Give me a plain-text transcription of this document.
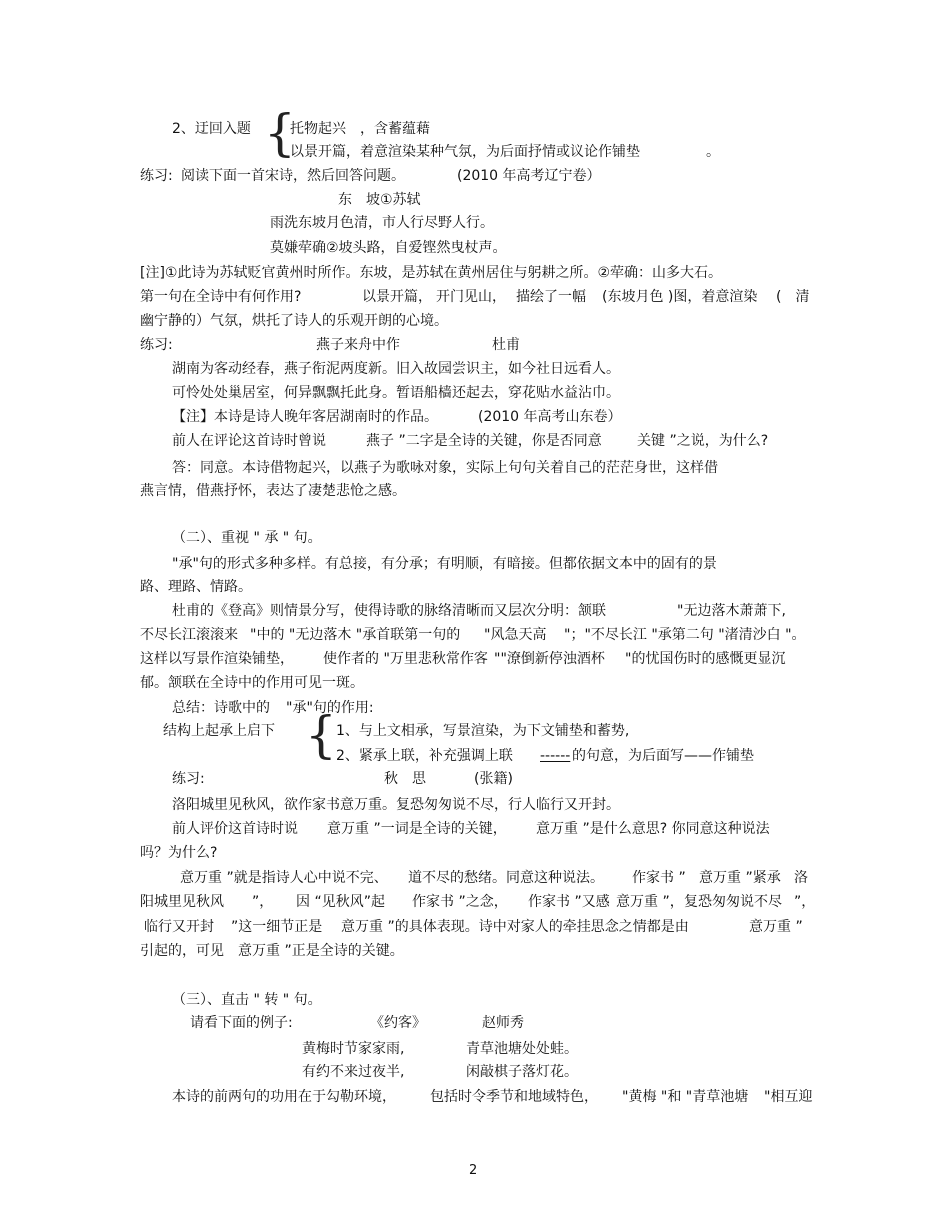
2、迂回入题 {
托物起兴　，含蓄蕴藉
以景开篇，着意渲染某种气氛，为后面抒情或议论作铺垫	。
练习: 阅读下面一首宋诗，然后回答问题。	(2010 年高考辽宁卷）
东　坡①苏轼
雨洗东坡月色清，市人行尽野人行。
莫嫌荦确②坡头路，自爱铿然曳杖声。
[注]①此诗为苏轼贬官黄州时所作。东坡，是苏轼在黄州居住与躬耕之所。②荦确：山多大石。
第一句在全诗中有何作用?	以景开篇， 开门见山， 描绘了一幅 (东坡月色 )图，着意渲染 (　清
幽宁静的）气氛，烘托了诗人的乐观开朗的心境。
练习:	燕子来舟中作	杜甫
湖南为客动经春，燕子衔泥两度新。旧入故园尝识主，如今社日远看人。
可怜处处巢居室，何异飘飘托此身。暂语船樯还起去，穿花贴水益沾巾。
【注】本诗是诗人晚年客居湖南时的作品。	(2010 年高考山东卷）
前人在评论这首诗时曾说	燕子 ”二字是全诗的关键，你是否同意	关键 ”之说，为什么?
答：同意。本诗借物起兴，以燕子为歌咏对象，实际上句句关着自己的茫茫身世，这样借
燕言情，借燕抒怀，表达了凄楚悲怆之感。
（二）、重视 " 承 " 句。
"承"句的形式多种多样。有总接，有分承；有明顺，有暗接。但都依据文本中的固有的景
路、理路、情路。
杜甫的《登高》则情景分写，使得诗歌的脉络清晰而又层次分明：颔联	"无边落木萧萧下,
不尽长江滚滚来 "中的 "无边落木 "承首联第一句的 "风急天高 "；"不尽长江 "承第二句 "渚清沙白 "。
这样以写景作渲染铺垫， 使作者的 "万里悲秋常作客 ""潦倒新停浊酒杯 "的忧国伤时的感慨更显沉
郁。颔联在全诗中的作用可见一斑。
总结：诗歌中的 "承"句的作用:
结构上起承上启下 { 1、与上文相承，写景渲染，为下文铺垫和蓄势,
2、紧承上联，补充强调上联 ------ 的句意，为后面写——作铺垫
练习:	秋　思	(张籍)
洛阳城里见秋风，欲作家书意万重。复恐匆匆说不尽，行人临行又开封。
前人评价这首诗时说 意万重 ”一词是全诗的关键， 意万重 ”是什么意思? 你同意这种说法
吗？为什么?
意万重 ”就是指诗人心中说不完、 道不尽的愁绪。同意这种说法。 作家书 ” 意万重 ”紧承 洛
阳城里见秋风 ”， 因 “见秋风”起 作家书 ”之念， 作家书 ”又感 意万重 ”， 复恐匆匆说不尽 ”，
临行又开封 ”这一细节正是 意万重 ”的具体表现。诗中对家人的牵挂思念之情都是由	意万重 ”
引起的，可见 意万重 ”正是全诗的关键。
（三）、直击 " 转 " 句。
请看下面的例子:	《约客》	赵师秀
黄梅时节家家雨,	青草池塘处处蛙。
有约不来过夜半,	闲敲棋子落灯花。
本诗的前两句的功用在于勾勒环境， 包括时令季节和地域特色， "黄梅 "和 "青草池塘 "相互迎
2
